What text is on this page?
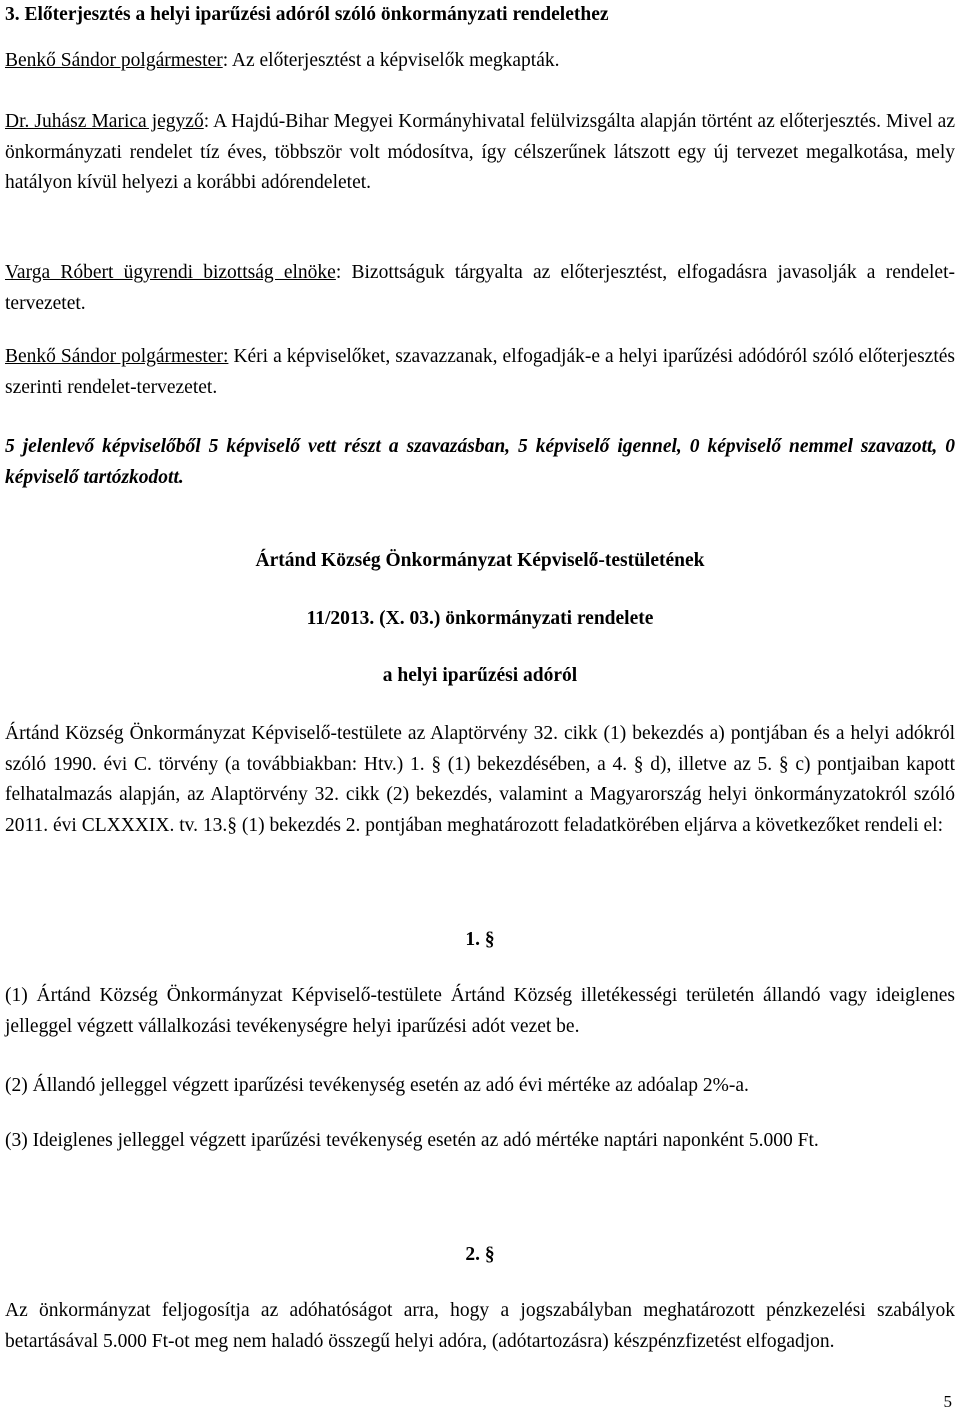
3. Előterjesztés a helyi iparűzési adóról szóló önkormányzati rendelethez

Benkő Sándor polgármester: Az előterjesztést a képviselők megkapták.

Dr. Juhász Marica jegyző: A Hajdú-Bihar Megyei Kormányhivatal felülvizsgálta alapján történt az előterjesztés. Mivel az önkormányzati rendelet tíz éves, többször volt módosítva, így célszerűnek látszott egy új tervezet megalkotása, mely hatályon kívül helyezi a korábbi adórendeletet.

Varga Róbert ügyrendi bizottság elnöke: Bizottságuk tárgyalta az előterjesztést, elfogadásra javasolják a rendelet-tervezetet.

Benkő Sándor polgármester: Kéri a képviselőket, szavazzanak, elfogadják-e a helyi iparűzési adódóról szóló előterjesztés szerinti rendelet-tervezetet.

5 jelenlevő képviselőből 5 képviselő vett részt a szavazásban, 5 képviselő igennel, 0 képviselő nemmel szavazott, 0 képviselő tartózkodott.

Ártánd Község Önkormányzat Képviselő-testületének
11/2013. (X. 03.) önkormányzati rendelete
a helyi iparűzési adóról

Ártánd Község Önkormányzat Képviselő-testülete az Alaptörvény 32. cikk (1) bekezdés a) pontjában és a helyi adókról szóló 1990. évi C. törvény (a továbbiakban: Htv.) 1. § (1) bekezdésében, a 4. § d), illetve az 5. § c) pontjaiban kapott felhatalmazás alapján, az Alaptörvény 32. cikk (2) bekezdés, valamint a Magyarország helyi önkormányzatokról szóló 2011. évi CLXXXIX. tv. 13.§ (1) bekezdés 2. pontjában meghatározott feladatkörében eljárva a következőket rendeli el:

1. §

(1) Ártánd Község Önkormányzat Képviselő-testülete Ártánd Község illetékességi területén állandó vagy ideiglenes jelleggel végzett vállalkozási tevékenységre helyi iparűzési adót vezet be.

(2) Állandó jelleggel végzett iparűzési tevékenység esetén az adó évi mértéke az adóalap 2%-a.

(3) Ideiglenes jelleggel végzett iparűzési tevékenység esetén az adó mértéke naptári naponként 5.000 Ft.

2. §

Az önkormányzat feljogosítja az adóhatóságot arra, hogy a jogszabályban meghatározott pénzkezelési szabályok betartásával 5.000 Ft-ot meg nem haladó összegű helyi adóra, (adótartozásra) készpénzfizetést elfogadjon.

5
